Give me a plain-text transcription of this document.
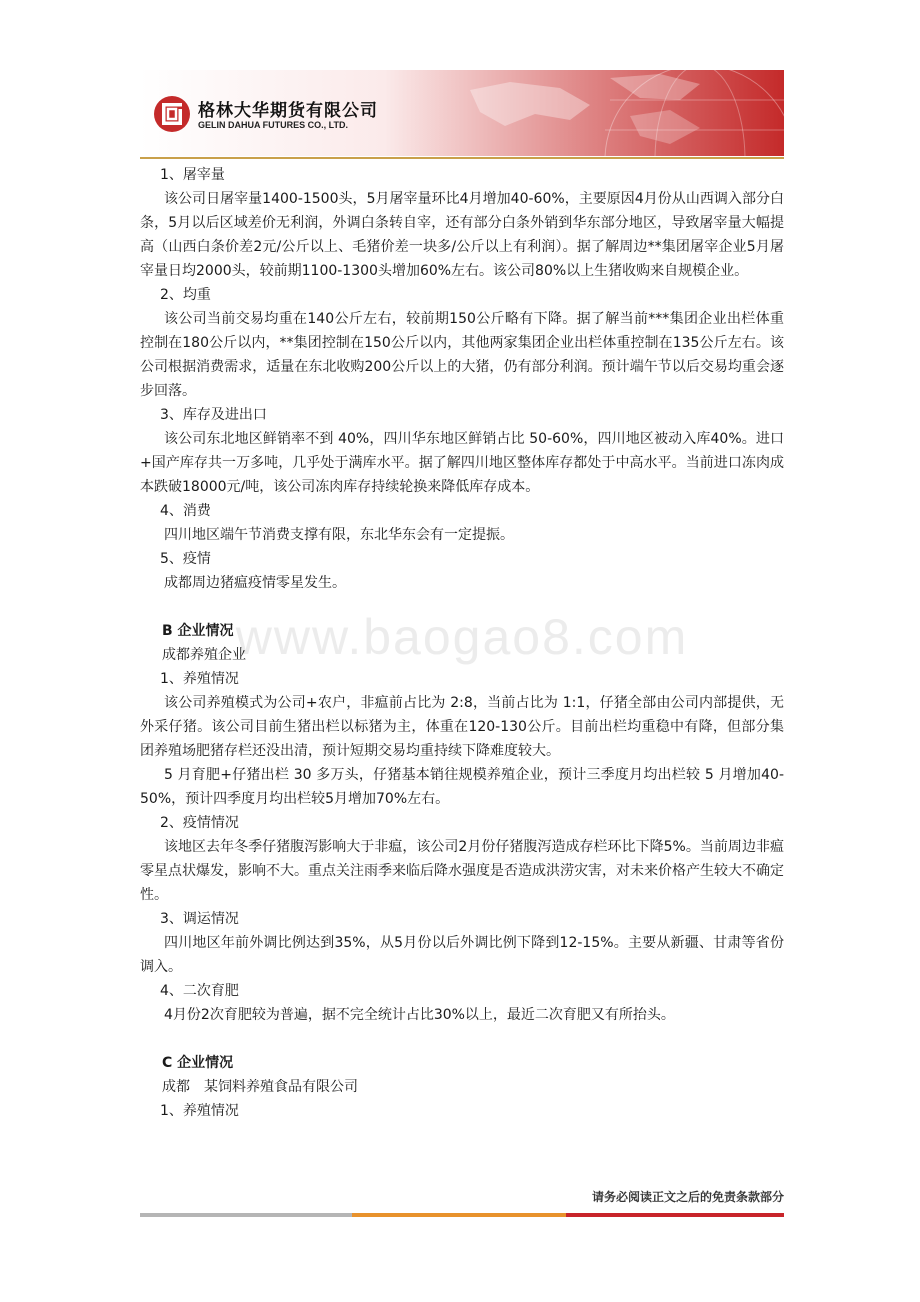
格林大华期货有限公司
GELIN DAHUA FUTURES CO., LTD.
www.baogao8.com
1、屠宰量
该公司日屠宰量1400-1500头，5月屠宰量环比4月增加40-60%，主要原因4月份从山西调入部分白条，5月以后区域差价无利润，外调白条转自宰，还有部分白条外销到华东部分地区，导致屠宰量大幅提高（山西白条价差2元/公斤以上、毛猪价差一块多/公斤以上有利润）。据了解周边**集团屠宰企业5月屠宰量日均2000头，较前期1100-1300头增加60%左右。该公司80%以上生猪收购来自规模企业。
2、均重
该公司当前交易均重在140公斤左右，较前期150公斤略有下降。据了解当前***集团企业出栏体重控制在180公斤以内，**集团控制在150公斤以内，其他两家集团企业出栏体重控制在135公斤左右。该公司根据消费需求，适量在东北收购200公斤以上的大猪，仍有部分利润。预计端午节以后交易均重会逐步回落。
3、库存及进出口
该公司东北地区鲜销率不到 40%，四川华东地区鲜销占比 50-60%，四川地区被动入库40%。进口+国产库存共一万多吨，几乎处于满库水平。据了解四川地区整体库存都处于中高水平。当前进口冻肉成本跌破18000元/吨，该公司冻肉库存持续轮换来降低库存成本。
4、消费
四川地区端午节消费支撑有限，东北华东会有一定提振。
5、疫情
成都周边猪瘟疫情零星发生。
B 企业情况
成都养殖企业
1、养殖情况
该公司养殖模式为公司+农户，非瘟前占比为 2:8，当前占比为 1:1，仔猪全部由公司内部提供，无外采仔猪。该公司目前生猪出栏以标猪为主，体重在120-130公斤。目前出栏均重稳中有降，但部分集团养殖场肥猪存栏还没出清，预计短期交易均重持续下降难度较大。
5 月育肥+仔猪出栏 30 多万头，仔猪基本销往规模养殖企业，预计三季度月均出栏较 5 月增加40-50%，预计四季度月均出栏较5月增加70%左右。
2、疫情情况
该地区去年冬季仔猪腹泻影响大于非瘟，该公司2月份仔猪腹泻造成存栏环比下降5%。当前周边非瘟零星点状爆发，影响不大。重点关注雨季来临后降水强度是否造成洪涝灾害，对未来价格产生较大不确定性。
3、调运情况
四川地区年前外调比例达到35%，从5月份以后外调比例下降到12-15%。主要从新疆、甘肃等省份调入。
4、二次育肥
4月份2次育肥较为普遍，据不完全统计占比30%以上，最近二次育肥又有所抬头。
C 企业情况
成都　某饲料养殖食品有限公司
1、养殖情况
请务必阅读正文之后的免责条款部分
